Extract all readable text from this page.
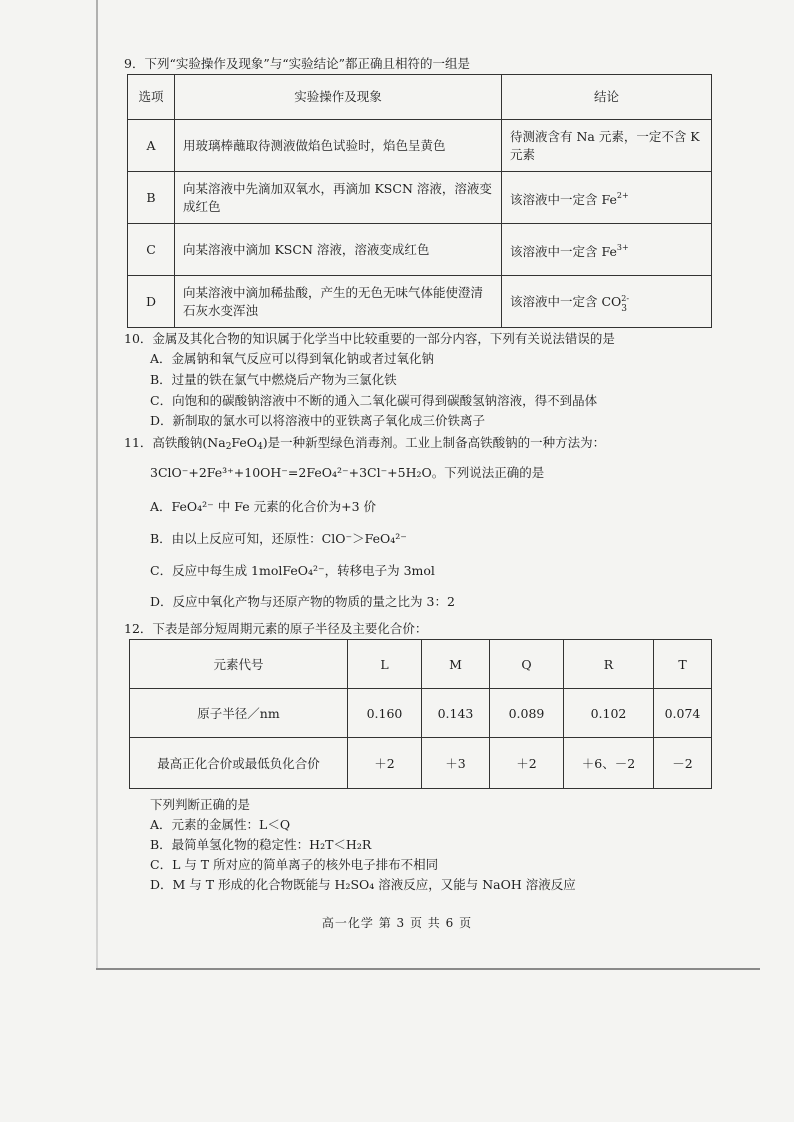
9．下列“实验操作及现象”与“实验结论”都正确且相符的一组是
选项	实验操作及现象	结论
A	用玻璃棒蘸取待测液做焰色试验时，焰色呈黄色	待测液含有 Na 元素，一定不含 K 元素
B	向某溶液中先滴加双氧水，再滴加 KSCN 溶液，溶液变成红色	该溶液中一定含 $Fe^{2+}$
C	向某溶液中滴加 KSCN 溶液，溶液变成红色	该溶液中一定含 $Fe^{3+}$
D	向某溶液中滴加稀盐酸，产生的无色无味气体能使澄清石灰水变浑浊	该溶液中一定含 CO 2-
3
10．金属及其化合物的知识属于化学当中比较重要的一部分内容，下列有关说法错误的是
A．金属钠和氧气反应可以得到氧化钠或者过氧化钠
B．过量的铁在氯气中燃烧后产物为三氯化铁
C．向饱和的碳酸钠溶液中不断的通入二氧化碳可得到碳酸氢钠溶液，得不到晶体
D．新制取的氯水可以将溶液中的亚铁离子氧化成三价铁离子
11．高铁酸钠$(Na_2FeO_4)$是一种新型绿色消毒剂。工业上制备高铁酸钠的一种方法为：
3ClO⁻+2Fe³⁺+10OH⁻=2FeO₄²⁻+3Cl⁻+5H₂O。下列说法正确的是
A．FeO₄²⁻ 中 Fe 元素的化合价为+3 价
B．由以上反应可知，还原性：ClO⁻＞FeO₄²⁻
C．反应中每生成 1molFeO₄²⁻，转移电子为 3mol
D．反应中氧化产物与还原产物的物质的量之比为 3：2
12．下表是部分短周期元素的原子半径及主要化合价：
元素代号	L	M	Q	R	T
原子半径／nm	0.160	0.143	0.089	0.102	0.074
最高正化合价或最低负化合价	＋2	＋3	＋2	＋6、－2	－2
下列判断正确的是
A．元素的金属性：L＜Q
B．最简单氢化物的稳定性：H₂T＜H₂R
C．L 与 T 所对应的简单离子的核外电子排布不相同
D．M 与 T 形成的化合物既能与 H₂SO₄ 溶液反应，又能与 NaOH 溶液反应
高一化学 第 3 页 共 6 页
